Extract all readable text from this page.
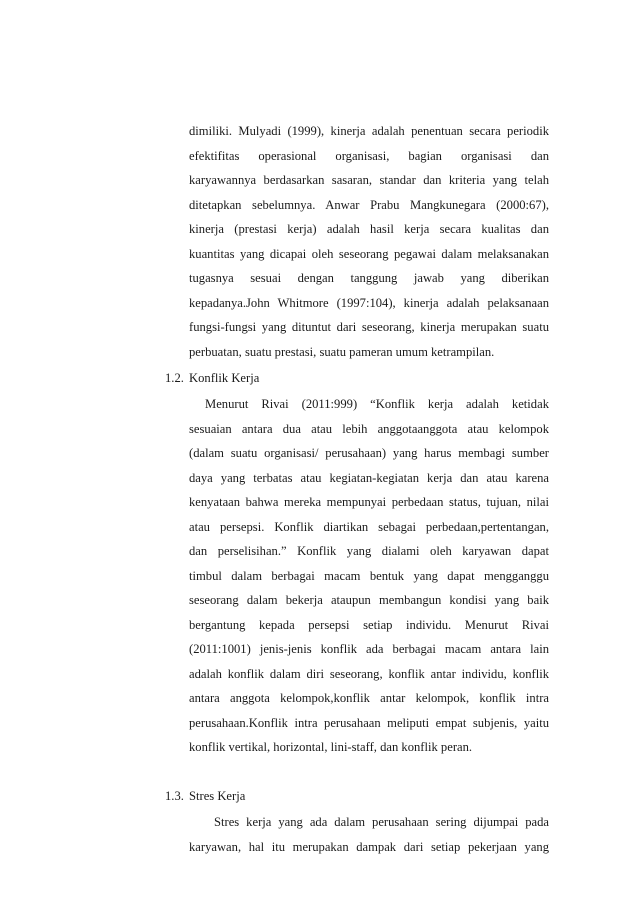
dimiliki. Mulyadi (1999), kinerja adalah penentuan secara periodik
efektifitas operasional organisasi, bagian organisasi dan
karyawannya berdasarkan sasaran, standar dan kriteria yang telah
ditetapkan sebelumnya. Anwar Prabu Mangkunegara (2000:67),
kinerja (prestasi kerja) adalah hasil kerja secara kualitas dan
kuantitas yang dicapai oleh seseorang pegawai dalam melaksanakan
tugasnya sesuai dengan tanggung jawab yang diberikan
kepadanya.John Whitmore (1997:104), kinerja adalah pelaksanaan
fungsi-fungsi yang dituntut dari seseorang, kinerja merupakan suatu
perbuatan, suatu prestasi, suatu pameran umum ketrampilan.
1.2. Konflik Kerja
Menurut Rivai (2011:999) “Konflik kerja adalah ketidak
sesuaian antara dua atau lebih anggotaanggota atau kelompok
(dalam suatu organisasi/ perusahaan) yang harus membagi sumber
daya yang terbatas atau kegiatan-kegiatan kerja dan atau karena
kenyataan bahwa mereka mempunyai perbedaan status, tujuan, nilai
atau persepsi. Konflik diartikan sebagai perbedaan,pertentangan,
dan perselisihan.” Konflik yang dialami oleh karyawan dapat
timbul dalam berbagai macam bentuk yang dapat mengganggu
seseorang dalam bekerja ataupun membangun kondisi yang baik
bergantung kepada persepsi setiap individu. Menurut Rivai
(2011:1001) jenis-jenis konflik ada berbagai macam antara lain
adalah konflik dalam diri seseorang, konflik antar individu, konflik
antara anggota kelompok,konflik antar kelompok, konflik intra
perusahaan.Konflik intra perusahaan meliputi empat subjenis, yaitu
konflik vertikal, horizontal, lini-staff, dan konflik peran.
1.3. Stres Kerja
Stres kerja yang ada dalam perusahaan sering dijumpai pada
karyawan, hal itu merupakan dampak dari setiap pekerjaan yang
